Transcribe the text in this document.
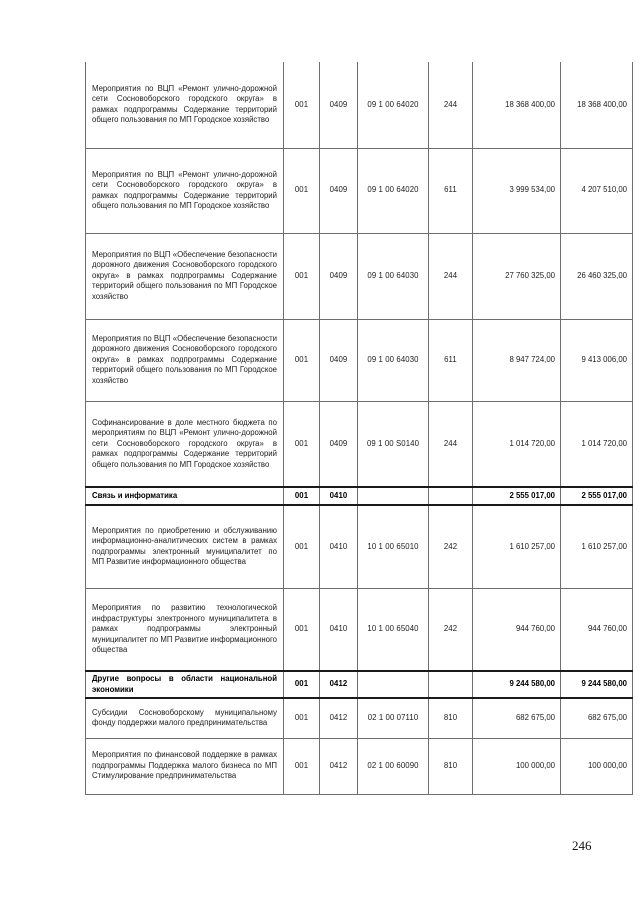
Мероприятия по ВЦП «Ремонт улично-дорожной сети Сосновоборского городского округа» в рамках подпрограммы Содержание территорий общего пользования по МП Городское хозяйство	001	0409	09 1 00 64020	244	18 368 400,00	18 368 400,00
Мероприятия по ВЦП «Ремонт улично-дорожной сети Сосновоборского городского округа» в рамках подпрограммы Содержание территорий общего пользования по МП Городское хозяйство	001	0409	09 1 00 64020	611	3 999 534,00	4 207 510,00
Мероприятия по ВЦП «Обеспечение безопасности дорожного движения Сосновоборского городского округа» в рамках подпрограммы Содержание территорий общего пользования по МП Городское хозяйство	001	0409	09 1 00 64030	244	27 760 325,00	26 460 325,00
Мероприятия по ВЦП «Обеспечение безопасности дорожного движения Сосновоборского городского округа» в рамках подпрограммы Содержание территорий общего пользования по МП Городское хозяйство	001	0409	09 1 00 64030	611	8 947 724,00	9 413 006,00
Софинансирование в доле местного бюджета по мероприятиям по ВЦП «Ремонт улично-дорожной сети Сосновоборского городского округа» в рамках подпрограммы Содержание территорий общего пользования по МП Городское хозяйство	001	0409	09 1 00 S0140	244	1 014 720,00	1 014 720,00
Связь и информатика	001	0410			2 555 017,00	2 555 017,00
Мероприятия по приобретению и обслуживанию информационно-аналитических систем в рамках подпрограммы электронный муниципалитет по МП Развитие информационного общества	001	0410	10 1 00 65010	242	1 610 257,00	1 610 257,00
Мероприятия по развитию технологической инфраструктуры электронного муниципалитета в рамках подпрограммы электронный муниципалитет по МП Развитие информационного общества	001	0410	10 1 00 65040	242	944 760,00	944 760,00
Другие вопросы в области национальной экономики	001	0412			9 244 580,00	9 244 580,00
Субсидии Сосновоборскому муниципальному фонду поддержки малого предпринимательства	001	0412	02 1 00 07110	810	682 675,00	682 675,00
Мероприятия по финансовой поддержке в рамках подпрограммы Поддержка малого бизнеса по МП Стимулирование предпринимательства	001	0412	02 1 00 60090	810	100 000,00	100 000,00
246
